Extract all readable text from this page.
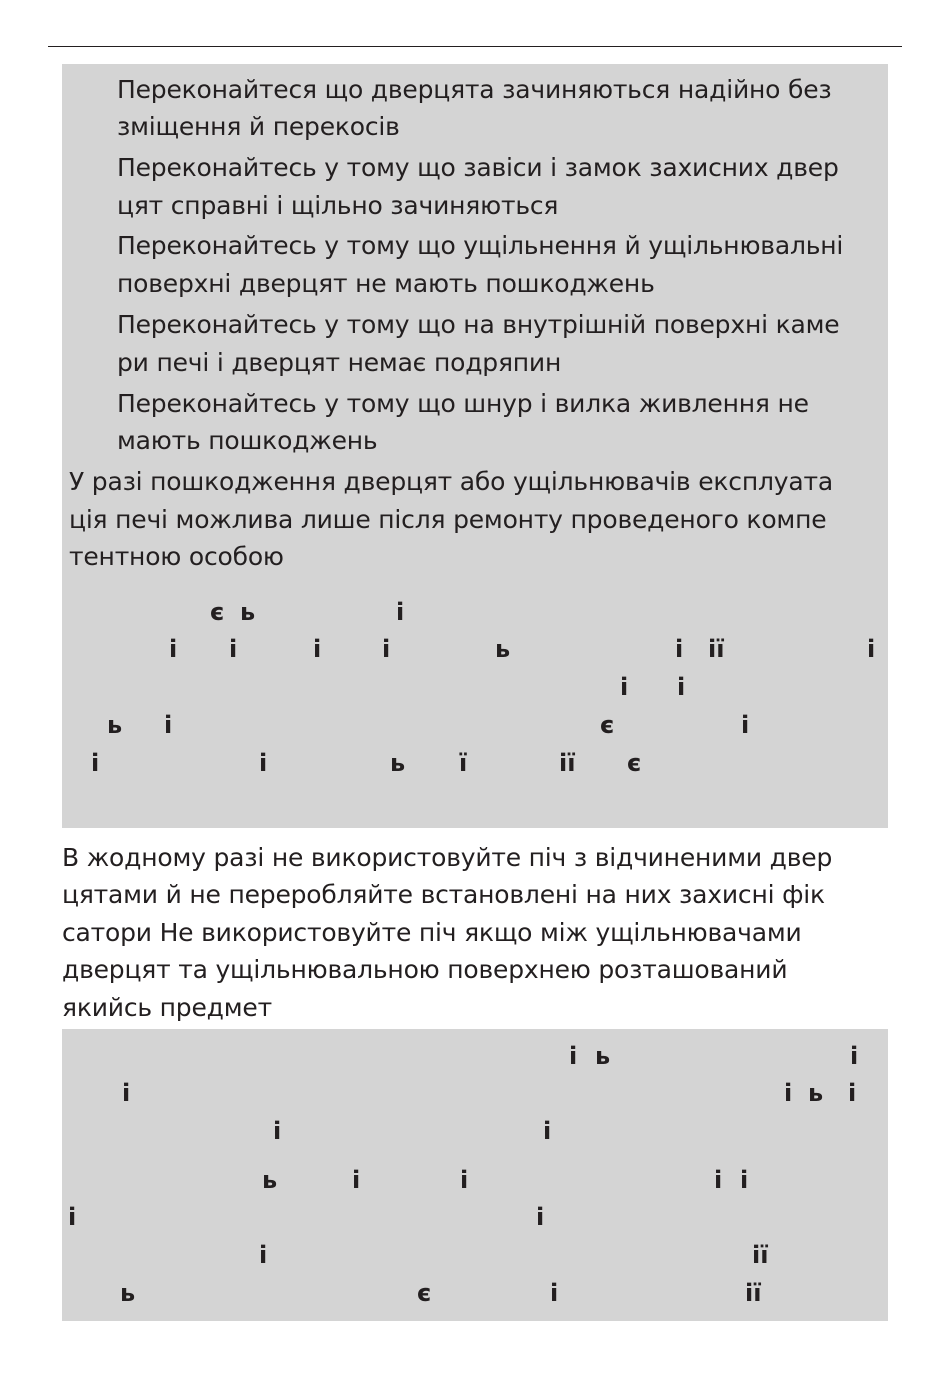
Переконайтеся що дверцята зачиняються надійно без
зміщення й перекосів
Переконайтесь у тому що завіси і замок захисних двер
цят справні і щільно зачиняються
Переконайтесь у тому що ущільнення й ущільнювальні
поверхні дверцят не мають пошкоджень
Переконайтесь у тому що на внутрішній поверхні каме
ри печі і дверцят немає подряпин
Переконайтесь у тому що шнур і вилка живлення не
мають пошкоджень
У разі пошкодження дверцят або ущільнювачів експлуата
ція печі можлива лише після ремонту проведеного компе
тентною особою
є ь	і
і і	і	і	ь	і ії	і
і і
ь і	є	і
і	і	ь ї	ії є
В жодному разі не використовуйте піч з відчиненими двер
цятами й не переробляйте встановлені на них захисні фік
сатори Не використовуйте піч якщо між ущільнювачами
дверцят та ущільнювальною поверхнею розташований
якийсь предмет
і ь	і
і	і ь і
і	і
ь	і	і	і і
і	і
і	ії
ь	є	і	ії
